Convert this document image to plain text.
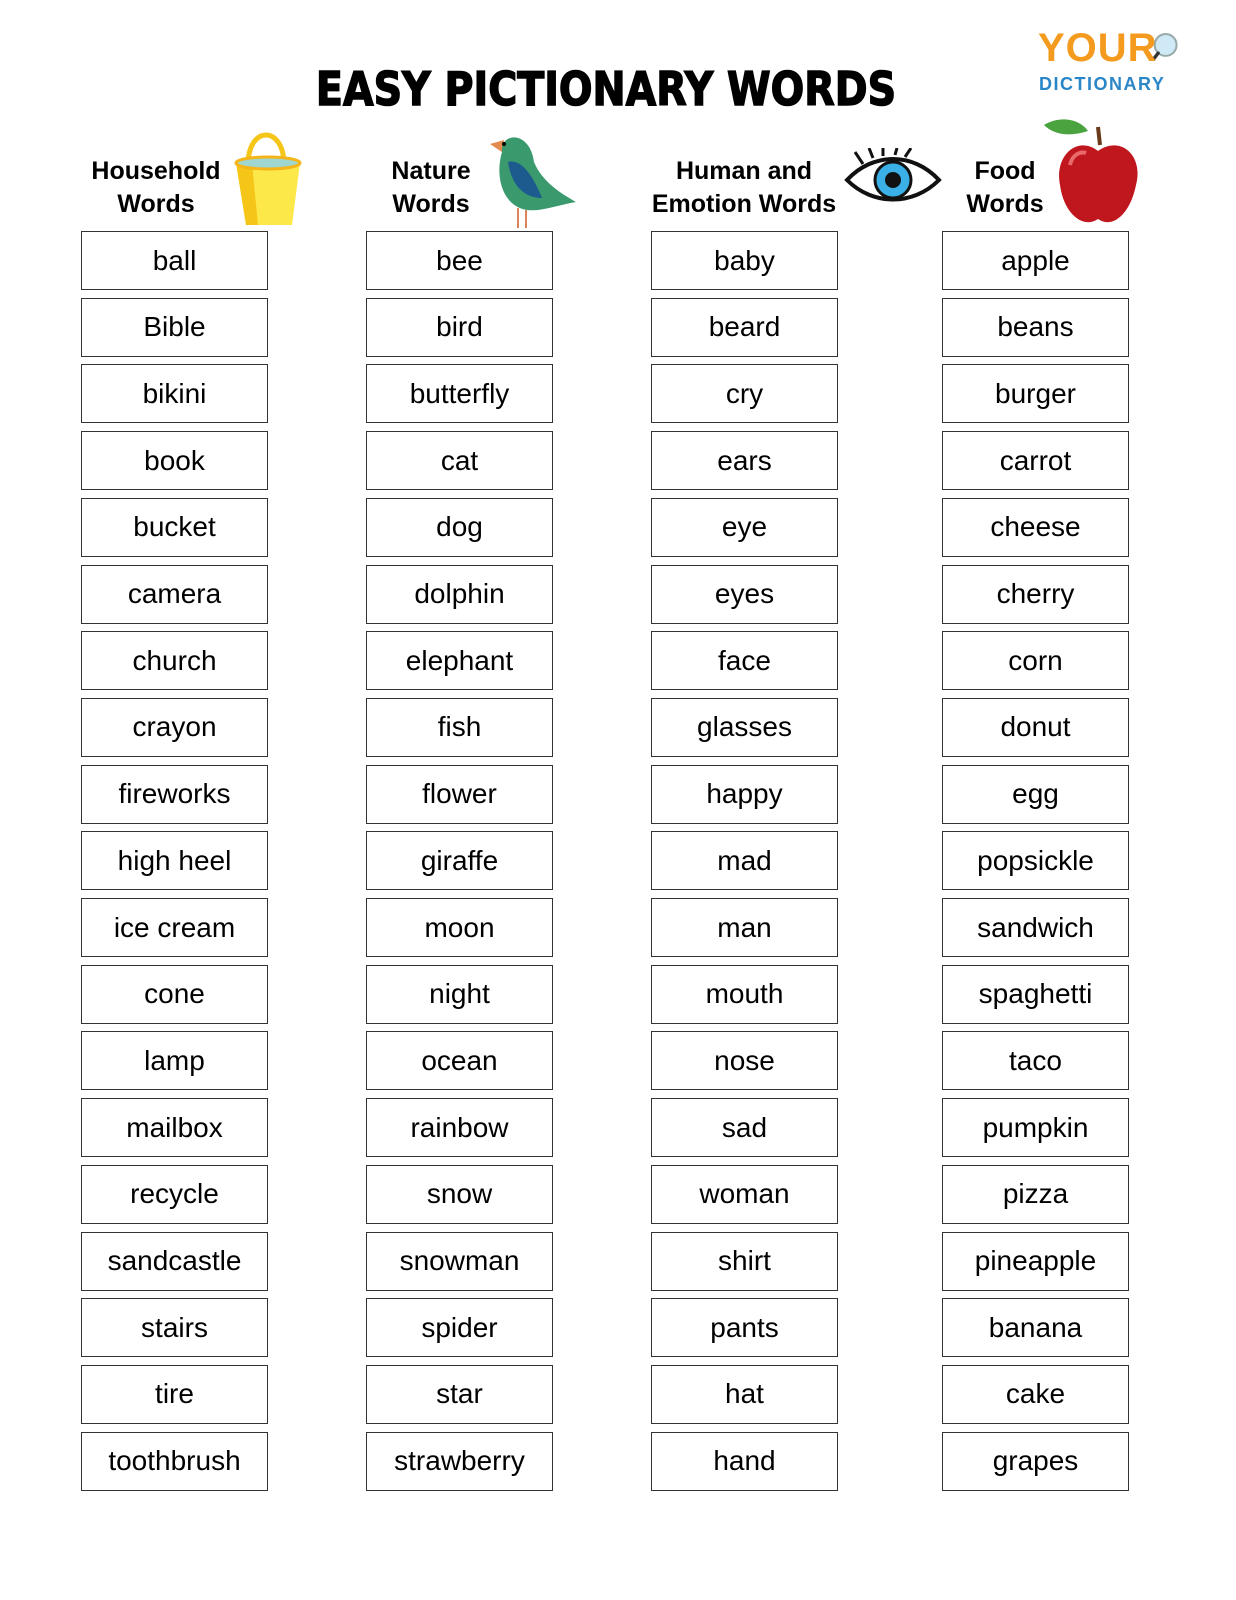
EASY PICTIONARY WORDS
YOUR
DICTIONARY
Household
Words
ball
Bible
bikini
book
bucket
camera
church
crayon
fireworks
high heel
ice cream
cone
lamp
mailbox
recycle
sandcastle
stairs
tire
toothbrush
Nature
Words
bee
bird
butterfly
cat
dog
dolphin
elephant
fish
flower
giraffe
moon
night
ocean
rainbow
snow
snowman
spider
star
strawberry
Human and
Emotion Words
baby
beard
cry
ears
eye
eyes
face
glasses
happy
mad
man
mouth
nose
sad
woman
shirt
pants
hat
hand
Food
Words
apple
beans
burger
carrot
cheese
cherry
corn
donut
egg
popsickle
sandwich
spaghetti
taco
pumpkin
pizza
pineapple
banana
cake
grapes
